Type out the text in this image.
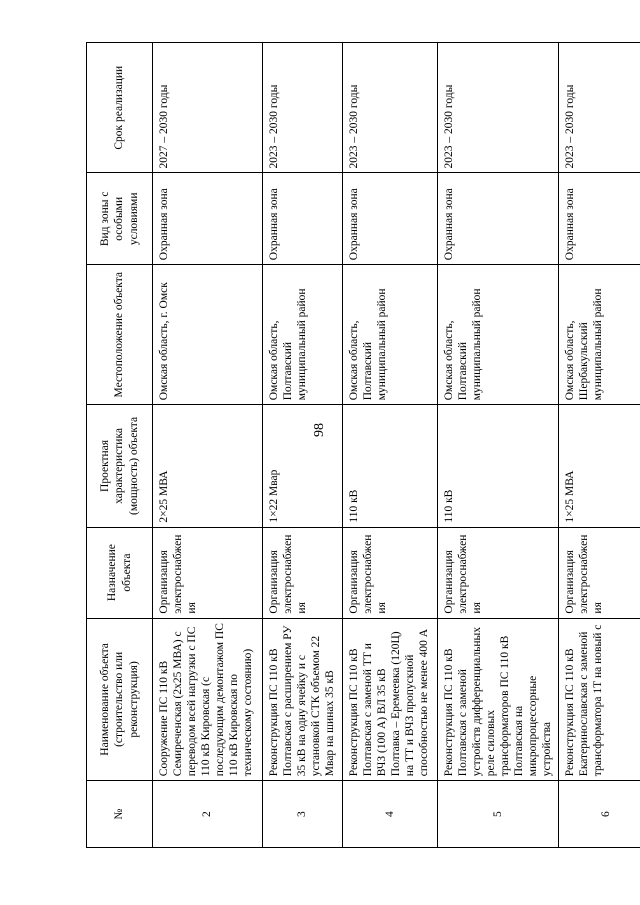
98
№	Наименование объекта (строительство или реконструкция)	Назначение объекта	Проектная характеристика (мощность) объекта	Местоположение объекта	Вид зоны с особыми условиями	Срок реализации
2	Сооружение ПС 110 кВ Семиреченская (2х25 МВА) с переводом всей нагрузки с ПС 110 кВ Кировская (с последующим демонтажом ПС 110 кВ Кировская по техническому состоянию)	Организация электроснабжения	2×25 МВА	Омская область, г. Омск	Охранная зона	2027 – 2030 годы
3	Реконструкция ПС 110 кВ Полтавская с расширением РУ 35 кВ на одну ячейку и с установкой СТК объемом 22 Мвар на шинах 35 кВ	Организация электроснабжения	1×22 Мвар	Омская область, Полтавский муниципальный район	Охранная зона	2023 – 2030 годы
4	Реконструкция ПС 110 кВ Полтавская с заменой ТТ и ВЧЗ (100 А) ВЛ 35 кВ Полтавка – Еремеевка (120Ц) на ТТ и ВЧЗ пропускной способностью не менее 400 А	Организация электроснабжения	110 кВ	Омская область, Полтавский муниципальный район	Охранная зона	2023 – 2030 годы
5	Реконструкция ПС 110 кВ Полтавская с заменой устройств дифференциальных реле силовых трансформаторов ПС 110 кВ Полтавская на микропроцессорные устройства	Организация электроснабжения	110 кВ	Омская область, Полтавский муниципальный район	Охранная зона	2023 – 2030 годы
6	Реконструкция ПС 110 кВ Екатеринославская с заменой трансформатора 1Т на новый с	Организация электроснабжения	1×25 МВА	Омская область, Шербакульский муниципальный район	Охранная зона	2023 – 2030 годы
